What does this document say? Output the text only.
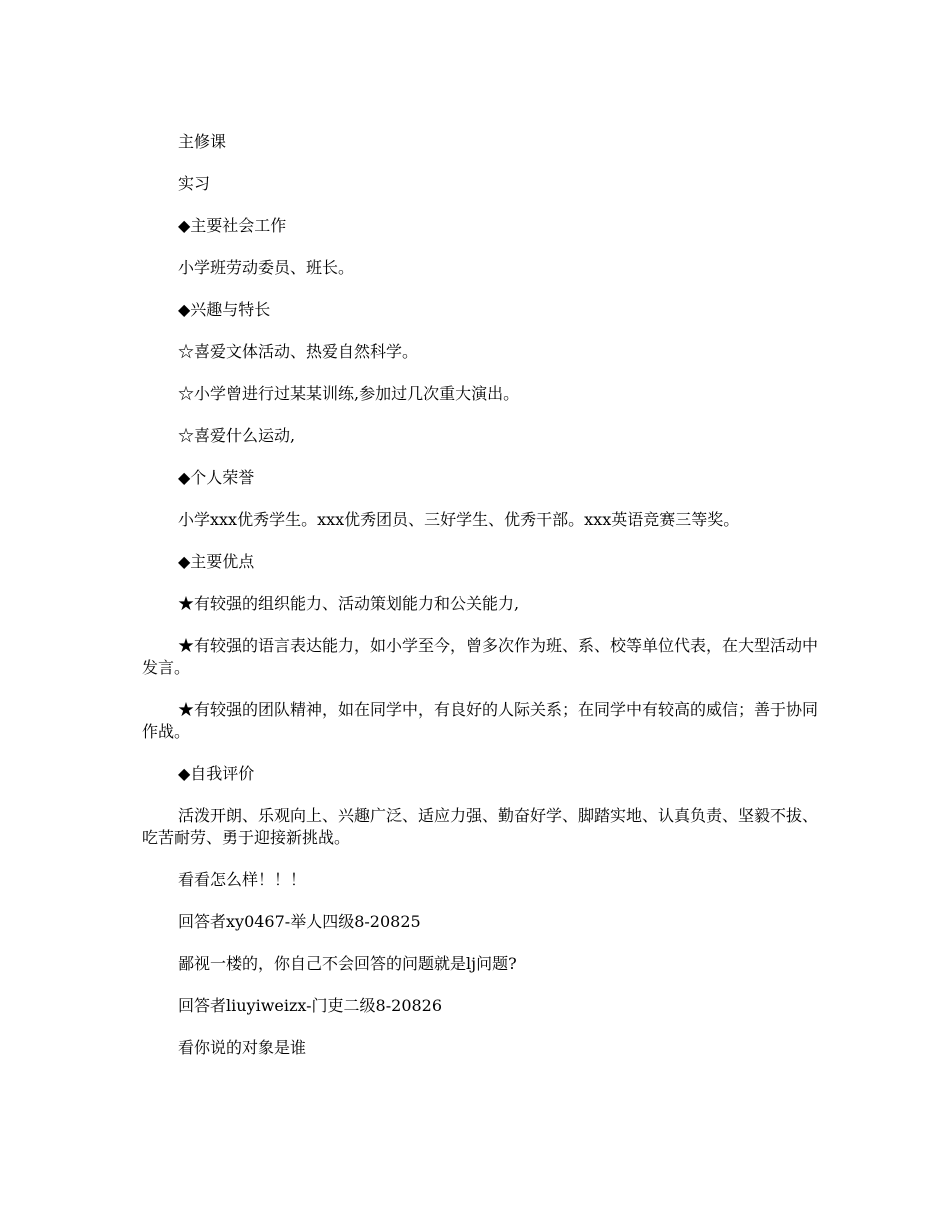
主修课

实习

◆主要社会工作

小学班劳动委员、班长。

◆兴趣与特长

☆喜爱文体活动、热爱自然科学。

☆小学曾进行过某某训练,参加过几次重大演出。

☆喜爱什么运动,

◆个人荣誉

小学xxx优秀学生。xxx优秀团员、三好学生、优秀干部。xxx英语竞赛三等奖。

◆主要优点

★有较强的组织能力、活动策划能力和公关能力,

★有较强的语言表达能力，如小学至今，曾多次作为班、系、校等单位代表，在大型活动中发言。

★有较强的团队精神，如在同学中，有良好的人际关系；在同学中有较高的威信；善于协同作战。

◆自我评价

活泼开朗、乐观向上、兴趣广泛、适应力强、勤奋好学、脚踏实地、认真负责、坚毅不拔、吃苦耐劳、勇于迎接新挑战。

看看怎么样！！！

回答者xy0467-举人四级8-20825

鄙视一楼的，你自己不会回答的问题就是lj问题?

回答者liuyiweizx-门吏二级8-20826

看你说的对象是谁
